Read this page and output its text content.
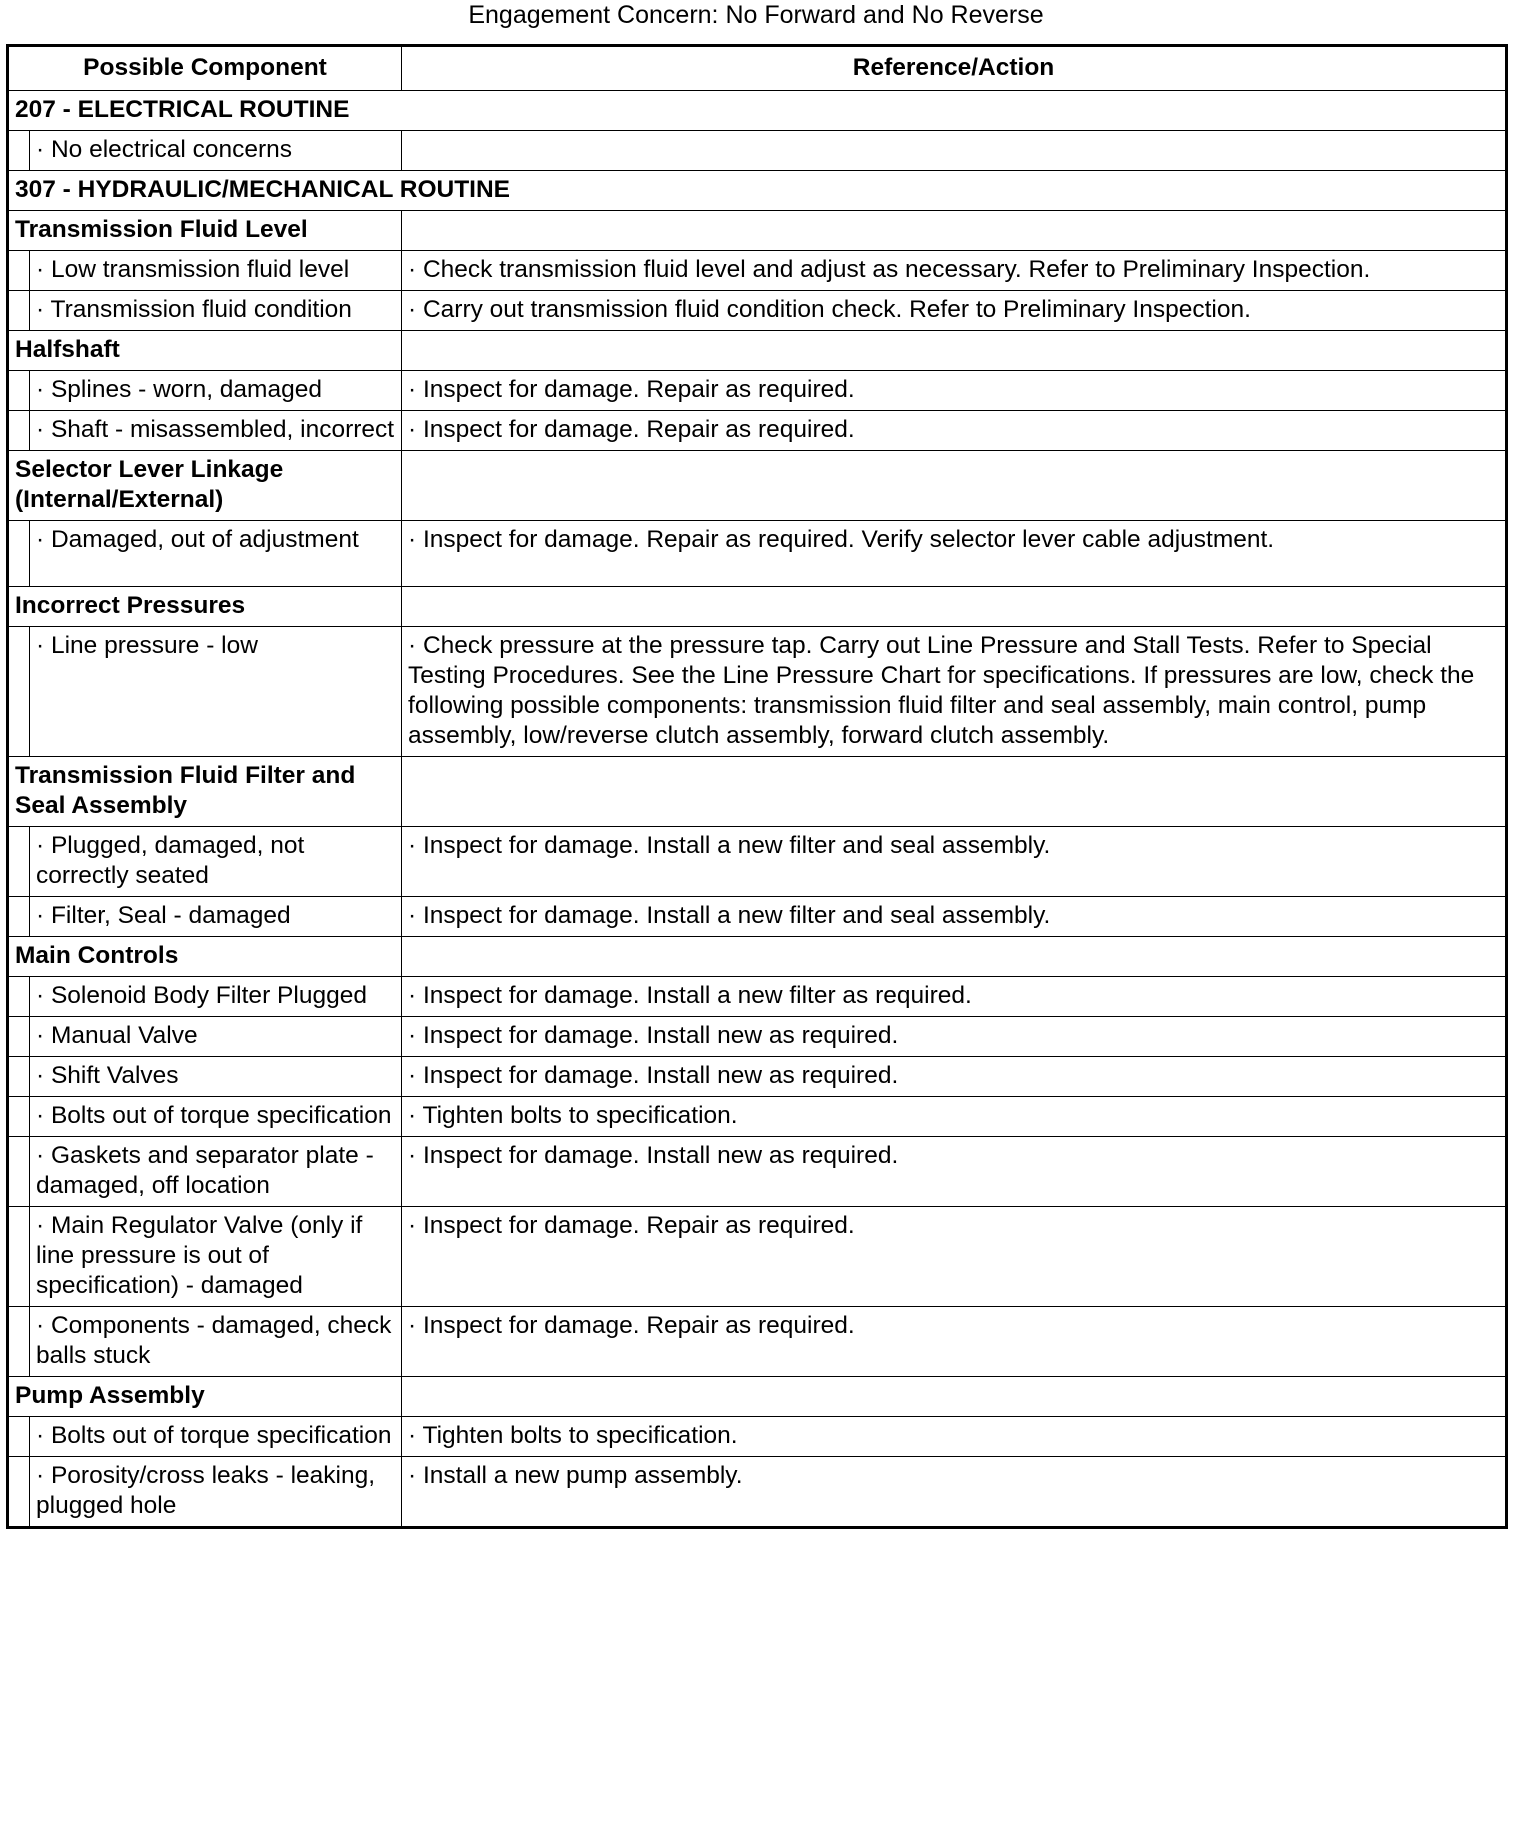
Engagement Concern: No Forward and No Reverse
Possible Component		Reference/Action
207 - ELECTRICAL ROUTINE		
	· No electrical concerns	
307 - HYDRAULIC/MECHANICAL ROUTINE		
Transmission Fluid Level		
	· Low transmission fluid level	· Check transmission fluid level and adjust as necessary. Refer to Preliminary Inspection.
	· Transmission fluid condition	· Carry out transmission fluid condition check. Refer to Preliminary Inspection.
Halfshaft		
	· Splines - worn, damaged	· Inspect for damage. Repair as required.
	· Shaft - misassembled, incorrect	· Inspect for damage. Repair as required.
Selector Lever Linkage (Internal/External)		
	· Damaged, out of adjustment	· Inspect for damage. Repair as required. Verify selector lever cable adjustment.
Incorrect Pressures		
	· Line pressure - low	· Check pressure at the pressure tap. Carry out Line Pressure and Stall Tests. Refer to Special Testing Procedures. See the Line Pressure Chart for specifications. If pressures are low, check the following possible components: transmission fluid filter and seal assembly, main control, pump assembly, low/reverse clutch assembly, forward clutch assembly.
Transmission Fluid Filter and Seal Assembly		
	· Plugged, damaged, not correctly seated	· Inspect for damage. Install a new filter and seal assembly.
	· Filter, Seal - damaged	· Inspect for damage. Install a new filter and seal assembly.
Main Controls		
	· Solenoid Body Filter Plugged	· Inspect for damage. Install a new filter as required.
	· Manual Valve	· Inspect for damage. Install new as required.
	· Shift Valves	· Inspect for damage. Install new as required.
	· Bolts out of torque specification	· Tighten bolts to specification.
	· Gaskets and separator plate - damaged, off location	· Inspect for damage. Install new as required.
	· Main Regulator Valve (only if line pressure is out of specification) - damaged	· Inspect for damage. Repair as required.
	· Components - damaged, check balls stuck	· Inspect for damage. Repair as required.
Pump Assembly		
	· Bolts out of torque specification	· Tighten bolts to specification.
	· Porosity/cross leaks - leaking, plugged hole	· Install a new pump assembly.
